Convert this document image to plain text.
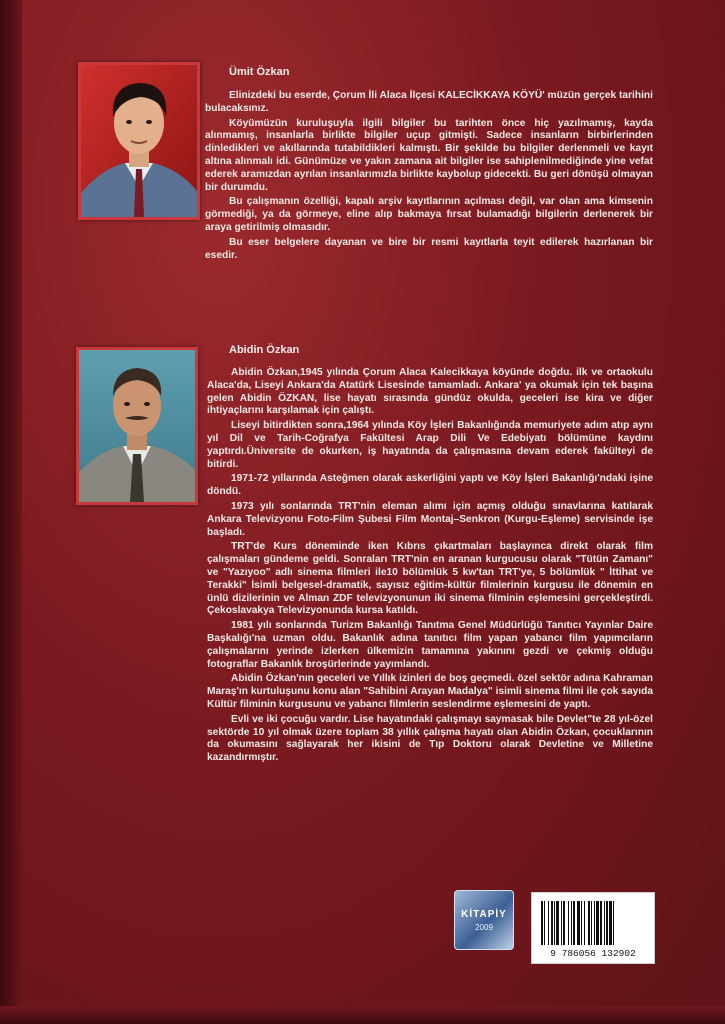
Ümit Özkan

Elinizdeki bu eserde, Çorum İli Alaca İlçesi KALECİKKAYA KÖYÜ' müzün gerçek tarihini bulacaksınız.

Köyümüzün kuruluşuyla ilgili bilgiler bu tarihten önce hiç yazılmamış, kayda alınmamış, insanlarla birlikte bilgiler uçup gitmişti. Sadece insanların birbirlerinden dinledikleri ve akıllarında tutabildikleri kalmıştı. Bir şekilde bu bilgiler derlenmeli ve kayıt altına alınmalı idi. Günümüze ve yakın zamana ait bilgiler ise sahiplenilmediğinde yine vefat ederek aramızdan ayrılan insanlarımızla birlikte kaybolup gidecekti. Bu geri dönüşü olmayan bir durumdu.

Bu çalışmanın özelliği, kapalı arşiv kayıtlarının açılması değil, var olan ama kimsenin görmediği, ya da görmeye, eline alıp bakmaya fırsat bulamadığı bilgilerin derlenerek bir araya getirilmiş olmasıdır.

Bu eser belgelere dayanan ve bire bir resmi kayıtlarla teyit edilerek hazırlanan bir esedir.

Abidin Özkan

Abidin Özkan,1945 yılında Çorum Alaca Kalecikkaya köyünde doğdu. ilk ve ortaokulu Alaca'da, Liseyi Ankara'da Atatürk Lisesinde tamamladı. Ankara' ya okumak için tek başına gelen Abidin ÖZKAN, lise hayatı sırasında gündüz okulda, geceleri ise kira ve diğer ihtiyaçlarını karşılamak için çalıştı.

Liseyi bitirdikten sonra,1964 yılında Köy İşleri Bakanlığında memuriyete adım atıp aynı yıl Dil ve Tarih-Coğrafya Fakültesi Arap Dili Ve Edebiyatı bölümüne kaydını yaptırdı.Üniversite de okurken, iş hayatında da çalışmasına devam ederek fakülteyi de bitirdi.

1971-72 yıllarında Asteğmen olarak askerliğini yaptı ve Köy İşleri Bakanlığı'ndaki işine döndü.

1973 yılı sonlarında TRT'nin eleman alımı için açmış olduğu sınavlarına katılarak Ankara Televizyonu Foto-Film Şubesi Film Montaj–Senkron (Kurgu-Eşleme) servisinde işe başladı.

TRT'de Kurs döneminde iken Kıbrıs çıkartmaları başlayınca direkt olarak film çalışmaları gündeme geldi. Sonraları TRT'nin en aranan kurgucusu olarak "Tütün Zamanı" ve "Yazıyoo" adlı sinema filmleri ile10 bölümlük 5 kw'tan TRT'ye, 5 bölümlük " İttihat ve Terakki" İsimli belgesel-dramatik, sayısız eğitim-kültür filmlerinin kurgusu ile dönemin en ünlü dizilerinin ve Alman ZDF televizyonunun iki sinema filminin eşlemesini gerçekleştirdi. Çekoslavakya Televizyonunda kursa katıldı.

1981 yılı sonlarında Turizm Bakanlığı Tanıtma Genel Müdürlüğü Tanıtıcı Yayınlar Daire Başkalığı'na uzman oldu. Bakanlık adına tanıtıcı film yapan yabancı film yapımcıların çalışmalarını yerinde izlerken ülkemizin tamamına yakınını gezdi ve çekmiş olduğu fotograflar Bakanlık broşürlerinde yayımlandı.

Abidin Özkan'nın geceleri ve Yıllık izinleri de boş geçmedi. özel sektör adına Kahraman Maraş'ın kurtuluşunu konu alan "Sahibini Arayan Madalya" isimli sinema filmi ile çok sayıda Kültür filminin kurgusunu ve yabancı filmlerin seslendirme eşlemesini de yaptı.

Evli ve iki çocuğu vardır. Lise hayatındaki çalışmayı saymasak bile Devlet"te 28 yıl-özel sektörde 10 yıl olmak üzere toplam 38 yıllık çalışma hayatı olan Abidin Özkan, çocuklarının da okumasını sağlayarak her ikisini de Tıp Doktoru olarak Devletine ve Milletine kazandırmıştır.

KİTAPİY
2009
9 786056 132902
